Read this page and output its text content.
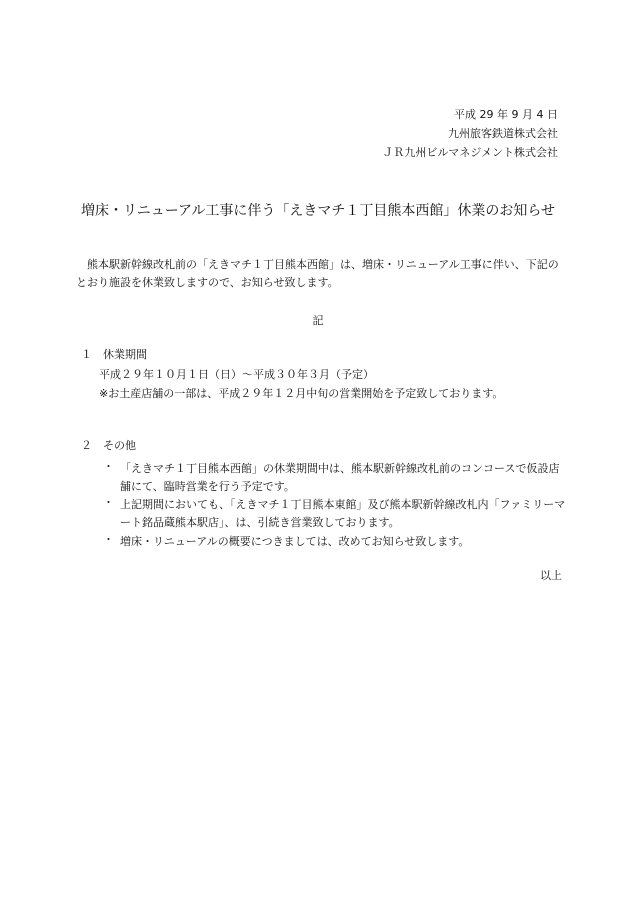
平成 29 年 9 月 4 日
九州旅客鉄道株式会社
ＪＲ九州ビルマネジメント株式会社
増床・リニューアル工事に伴う「えきマチ１丁目熊本西館」休業のお知らせ
熊本駅新幹線改札前の「えきマチ１丁目熊本西館」は、増床・リニューアル工事に伴い、下記のとおり施設を休業致しますので、お知らせ致します。
記
１　休業期間
平成２９年１０月１日（日）～平成３０年３月（予定）
※お土産店舗の一部は、平成２９年１２月中旬の営業開始を予定致しております。
２　その他
・ 「えきマチ１丁目熊本西館」の休業期間中は、熊本駅新幹線改札前のコンコースで仮設店舗にて、臨時営業を行う予定です。
・ 上記期間においても、「えきマチ１丁目熊本東館」及び熊本駅新幹線改札内「ファミリーマート銘品蔵熊本駅店」、は、引続き営業致しております。
・ 増床・リニューアルの概要につきましては、改めてお知らせ致します。
以上
